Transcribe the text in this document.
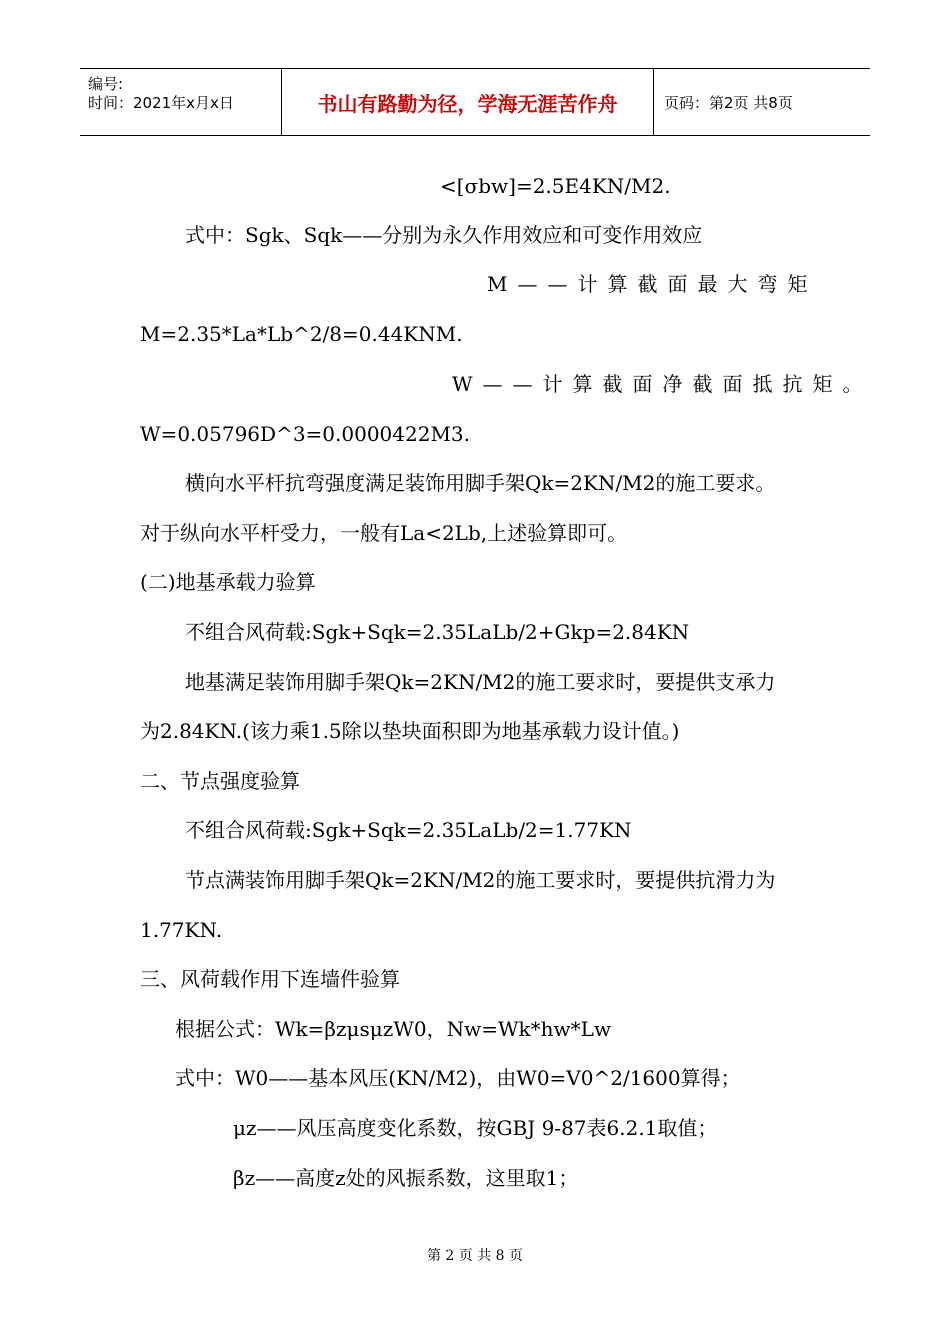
编号:
时间：2021年x月x日	书山有路勤为径，学海无涯苦作舟	页码：第2页 共8页
<[σbw]=2.5E4KN/M2.
式中：Sgk、Sqk——分别为永久作用效应和可变作用效应
M——计算截面最大弯矩
M=2.35*La*Lb^2/8=0.44KNM.
W——计算截面净截面抵抗矩。
W=0.05796D^3=0.0000422M3.
横向水平杆抗弯强度满足装饰用脚手架Qk=2KN/M2的施工要求。
对于纵向水平杆受力，一般有La<2Lb,上述验算即可。
(二)地基承载力验算
不组合风荷载:Sgk+Sqk=2.35LaLb/2+Gkp=2.84KN
地基满足装饰用脚手架Qk=2KN/M2的施工要求时，要提供支承力
为2.84KN.(该力乘1.5除以垫块面积即为地基承载力设计值。)
二、节点强度验算
不组合风荷载:Sgk+Sqk=2.35LaLb/2=1.77KN
节点满装饰用脚手架Qk=2KN/M2的施工要求时，要提供抗滑力为
1.77KN.
三、风荷载作用下连墙件验算
根据公式：Wk=βzμsμzW0，Nw=Wk*hw*Lw
式中：W0——基本风压(KN/M2)，由W0=V0^2/1600算得；
μz——风压高度变化系数，按GBJ 9-87表6.2.1取值；
βz——高度z处的风振系数，这里取1；
第 2 页 共 8 页
